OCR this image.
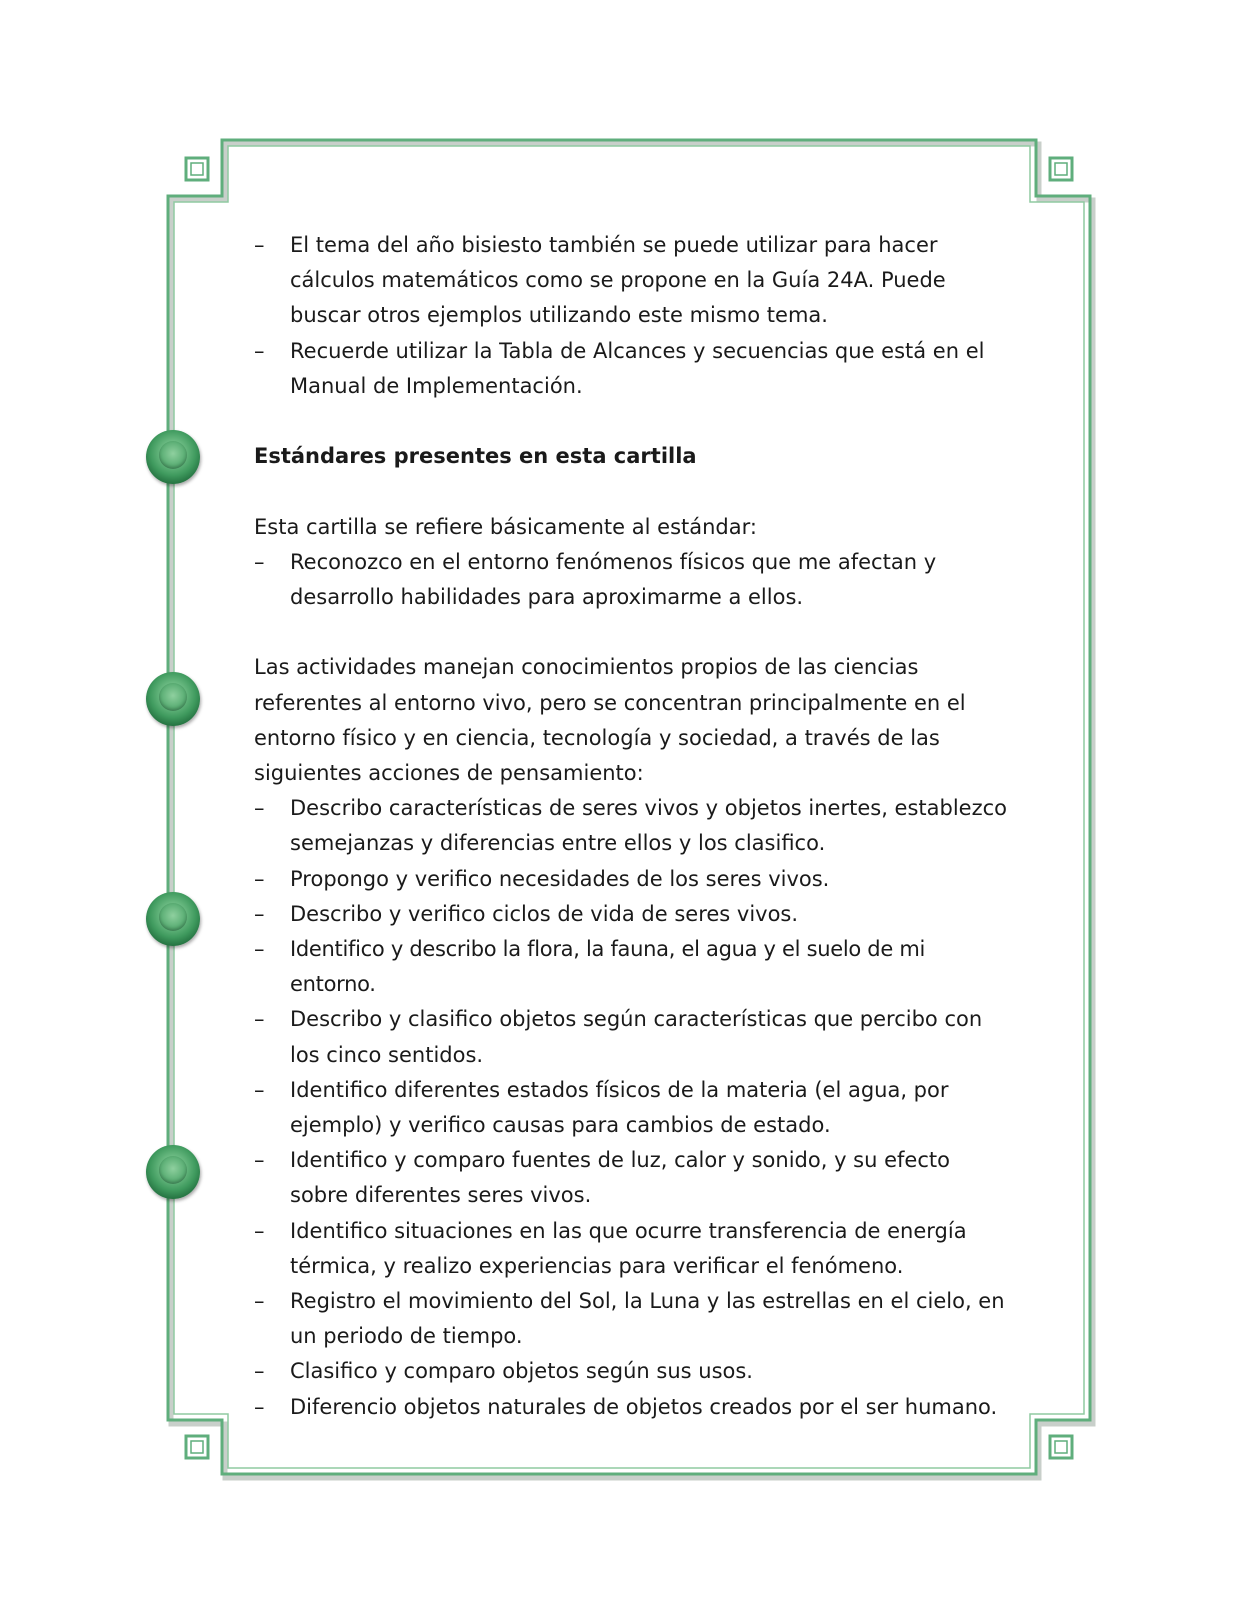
–	El tema del año bisiesto también se puede utilizar para hacer cálculos matemáticos como se propone en la Guía 24A. Puede buscar otros ejemplos utilizando este mismo tema.
–	Recuerde utilizar la Tabla de Alcances y secuencias que está en el Manual de Implementación.
Estándares presentes en esta cartilla
Esta cartilla se refiere básicamente al estándar:
–	Reconozco en el entorno fenómenos físicos que me afectan y desarrollo habilidades para aproximarme a ellos.
Las actividades manejan conocimientos propios de las ciencias referentes al entorno vivo, pero se concentran principalmente en el entorno físico y en ciencia, tecnología y sociedad, a través de las siguientes acciones de pensamiento:
–	Describo características de seres vivos y objetos inertes, establezco semejanzas y diferencias entre ellos y los clasifico.
–	Propongo y verifico necesidades de los seres vivos.
–	Describo y verifico ciclos de vida de seres vivos.
–	Identifico y describo la flora, la fauna, el agua y el suelo de mi entorno.
–	Describo y clasifico objetos según características que percibo con los cinco sentidos.
–	Identifico diferentes estados físicos de la materia (el agua, por ejemplo) y verifico causas para cambios de estado.
–	Identifico y comparo fuentes de luz, calor y sonido, y su efecto sobre diferentes seres vivos.
–	Identifico situaciones en las que ocurre transferencia de energía térmica, y realizo experiencias para verificar el fenómeno.
–	Registro el movimiento del Sol, la Luna y las estrellas en el cielo, en un periodo de tiempo.
–	Clasifico y comparo objetos según sus usos.
–	Diferencio objetos naturales de objetos creados por el ser humano.
